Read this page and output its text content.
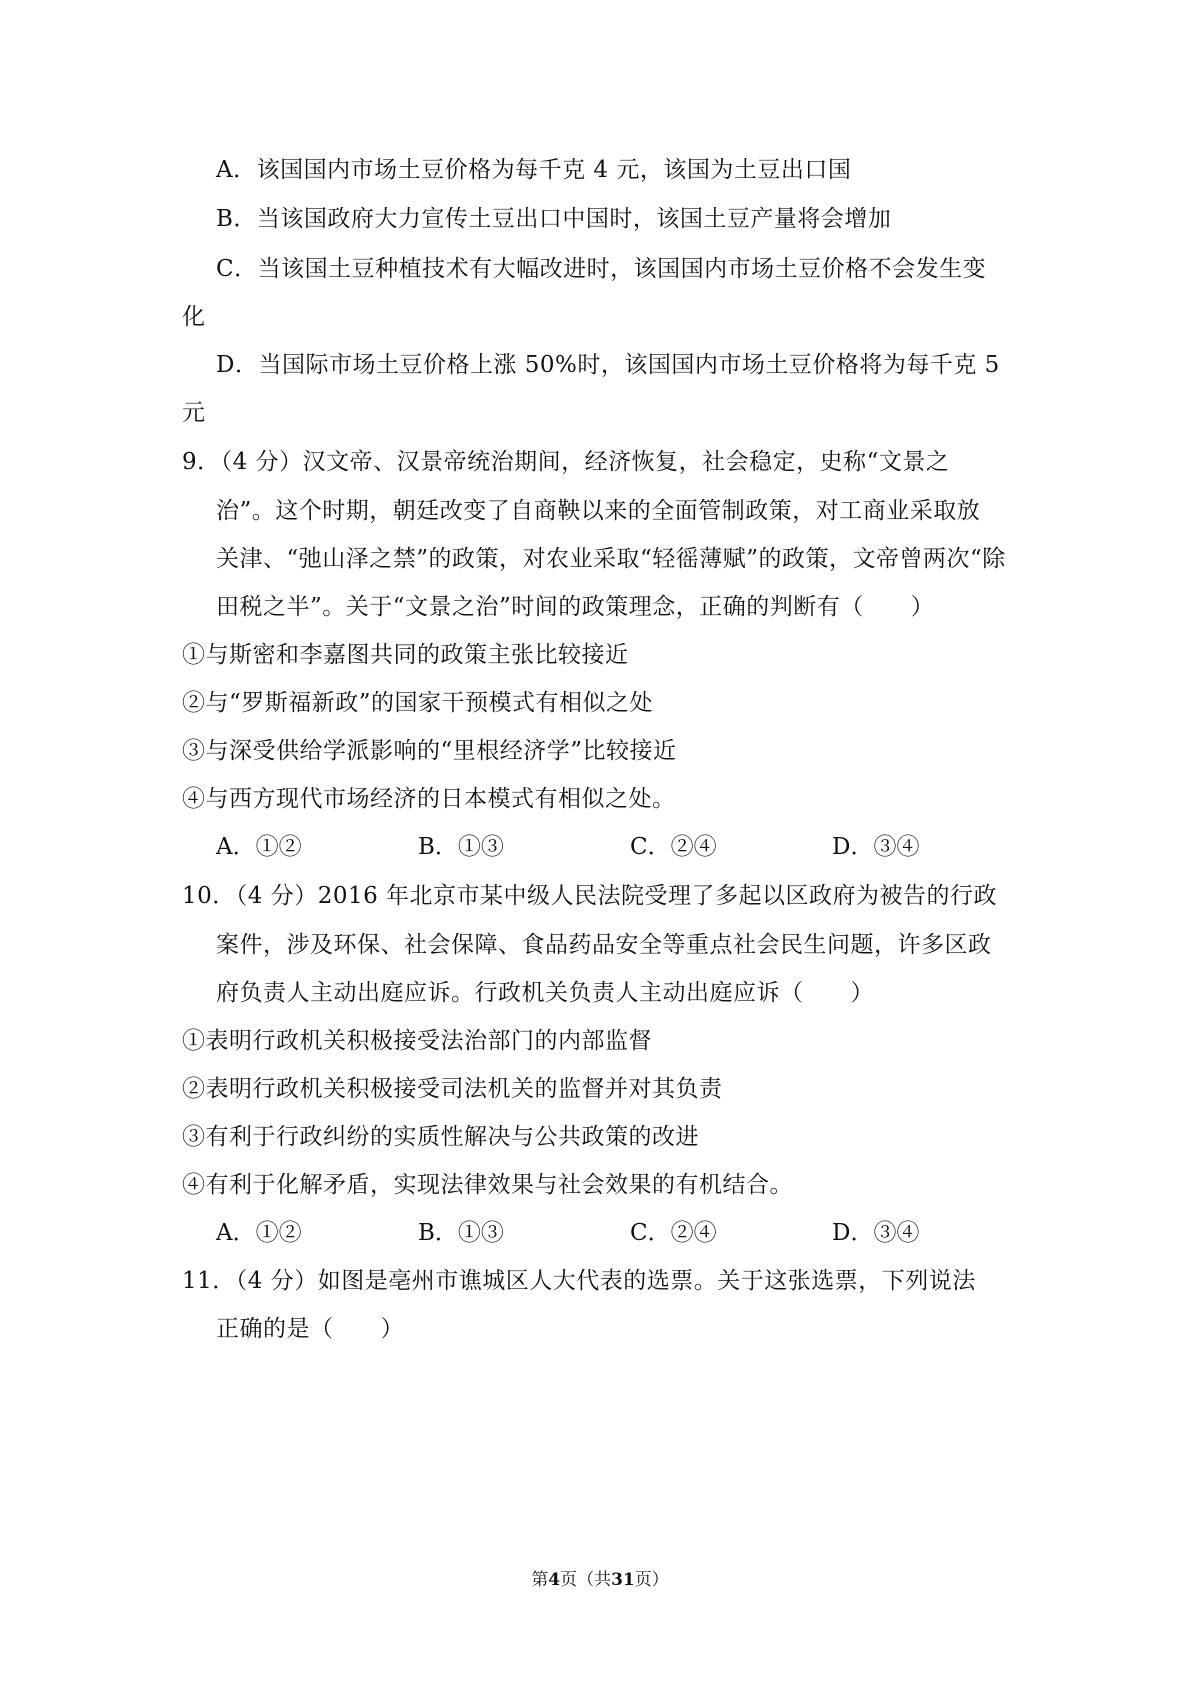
A．该国国内市场土豆价格为每千克 4 元，该国为土豆出口国
B．当该国政府大力宣传土豆出口中国时，该国土豆产量将会增加
C．当该国土豆种植技术有大幅改进时，该国国内市场土豆价格不会发生变
化
D．当国际市场土豆价格上涨 50%时，该国国内市场土豆价格将为每千克 5
元
9．（4 分）汉文帝、汉景帝统治期间，经济恢复，社会稳定，史称“文景之
治”。这个时期，朝廷改变了自商鞅以来的全面管制政策，对工商业采取放
关津、“弛山泽之禁”的政策，对农业采取“轻徭薄赋”的政策，文帝曾两次“除
田税之半”。关于“文景之治”时间的政策理念，正确的判断有（　　）
①与斯密和李嘉图共同的政策主张比较接近
②与“罗斯福新政”的国家干预模式有相似之处
③与深受供给学派影响的“里根经济学”比较接近
④与西方现代市场经济的日本模式有相似之处。
A．①②	B．①③	C．②④	D．③④
10．（4 分）2016 年北京市某中级人民法院受理了多起以区政府为被告的行政
案件，涉及环保、社会保障、食品药品安全等重点社会民生问题，许多区政
府负责人主动出庭应诉。行政机关负责人主动出庭应诉（　　）
①表明行政机关积极接受法治部门的内部监督
②表明行政机关积极接受司法机关的监督并对其负责
③有利于行政纠纷的实质性解决与公共政策的改进
④有利于化解矛盾，实现法律效果与社会效果的有机结合。
A．①②	B．①③	C．②④	D．③④
11．（4 分）如图是亳州市谯城区人大代表的选票。关于这张选票，下列说法
正确的是（　　）
第4页（共31页）
